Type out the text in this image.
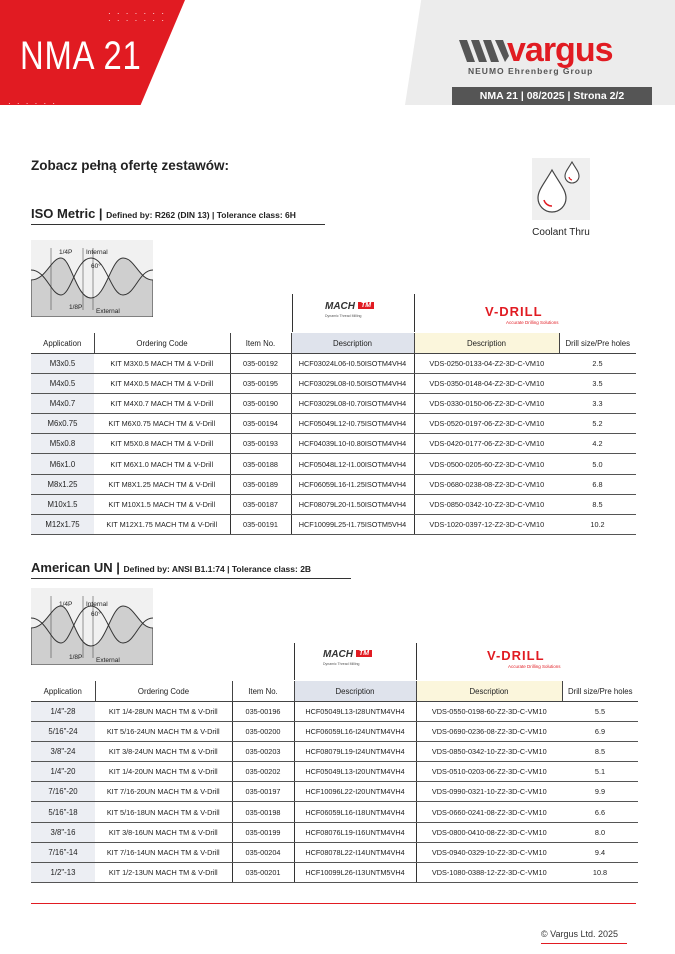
· · · · · · ·
· · · · · · ·
· · · · · ·
· · · · · ·
· · · · · ·
NMA 21	vargus
NEUMO Ehrenberg Group
NMA 21 | 08/2025 | Strona 2/2
Zobacz pełną ofertę zestawów:
Coolant Thru
ISO Metric | Defined by: R262 (DIN 13) | Tolerance class: 6H
1/4P Internal
60°
1/8P
External	MACH TM
Dynamic Thread Milling	V-DRILL
Accurate Drilling Solutions
Application	Ordering Code	Item No.	Description	Description	Drill size/Pre holes
M3x0.5	KIT M3X0.5 MACH TM & V-Drill	035-00192	HCF03024L06-I0.50ISOTM4VH4	VDS-0250-0133-04-Z2-3D-C-VM10	2.5
M4x0.5	KIT M4X0.5 MACH TM & V-Drill	035-00195	HCF03029L08-I0.50ISOTM4VH4	VDS-0350-0148-04-Z2-3D-C-VM10	3.5
M4x0.7	KIT M4X0.7 MACH TM & V-Drill	035-00190	HCF03029L08-I0.70ISOTM4VH4	VDS-0330-0150-06-Z2-3D-C-VM10	3.3
M6x0.75	KIT M6X0.75 MACH TM & V-Drill	035-00194	HCF05049L12-I0.75ISOTM4VH4	VDS-0520-0197-06-Z2-3D-C-VM10	5.2
M5x0.8	KIT M5X0.8 MACH TM & V-Drill	035-00193	HCF04039L10-I0.80ISOTM4VH4	VDS-0420-0177-06-Z2-3D-C-VM10	4.2
M6x1.0	KIT M6X1.0 MACH TM & V-Drill	035-00188	HCF05048L12-I1.00ISOTM4VH4	VDS-0500-0205-60-Z2-3D-C-VM10	5.0
M8x1.25	KIT M8X1.25 MACH TM & V-Drill	035-00189	HCF06059L16-I1.25ISOTM4VH4	VDS-0680-0238-08-Z2-3D-C-VM10	6.8
M10x1.5	KIT M10X1.5 MACH TM & V-Drill	035-00187	HCF08079L20-I1.50ISOTM4VH4	VDS-0850-0342-10-Z2-3D-C-VM10	8.5
M12x1.75	KIT M12X1.75 MACH TM & V-Drill	035-00191	HCF10099L25-I1.75ISOTM5VH4	VDS-1020-0397-12-Z2-3D-C-VM10	10.2
American UN | Defined by: ANSI B1.1:74 | Tolerance class: 2B
1/4P Internal
60°
1/8P External
MACH TM
Dynamic Thread Milling
V-DRILL
Accurate Drilling Solutions
Application	Ordering Code	Item No.	Description	Description	Drill size/Pre holes
1/4"-28	KIT 1/4-28UN MACH TM & V-Drill	035-00196	HCF05049L13-I28UNTM4VH4	VDS-0550-0198-60-Z2-3D-C-VM10	5.5
5/16"-24	KIT 5/16-24UN MACH TM & V-Drill	035-00200	HCF06059L16-I24UNTM4VH4	VDS-0690-0236-08-Z2-3D-C-VM10	6.9
3/8"-24	KIT 3/8-24UN MACH TM & V-Drill	035-00203	HCF08079L19-I24UNTM4VH4	VDS-0850-0342-10-Z2-3D-C-VM10	8.5
1/4"-20	KIT 1/4-20UN MACH TM & V-Drill	035-00202	HCF05049L13-I20UNTM4VH4	VDS-0510-0203-06-Z2-3D-C-VM10	5.1
7/16"-20	KIT 7/16-20UN MACH TM & V-Drill	035-00197	HCF10096L22-I20UNTM4VH4	VDS-0990-0321-10-Z2-3D-C-VM10	9.9
5/16"-18	KIT 5/16-18UN MACH TM & V-Drill	035-00198	HCF06059L16-I18UNTM4VH4	VDS-0660-0241-08-Z2-3D-C-VM10	6.6
3/8"-16	KIT 3/8-16UN MACH TM & V-Drill	035-00199	HCF08076L19-I16UNTM4VH4	VDS-0800-0410-08-Z2-3D-C-VM10	8.0
7/16"-14	KIT 7/16-14UN MACH TM & V-Drill	035-00204	HCF08078L22-I14UNTM4VH4	VDS-0940-0329-10-Z2-3D-C-VM10	9.4
1/2"-13	KIT 1/2-13UN MACH TM & V-Drill	035-00201	HCF10099L26-I13UNTM5VH4	VDS-1080-0388-12-Z2-3D-C-VM10	10.8
© Vargus Ltd. 2025
